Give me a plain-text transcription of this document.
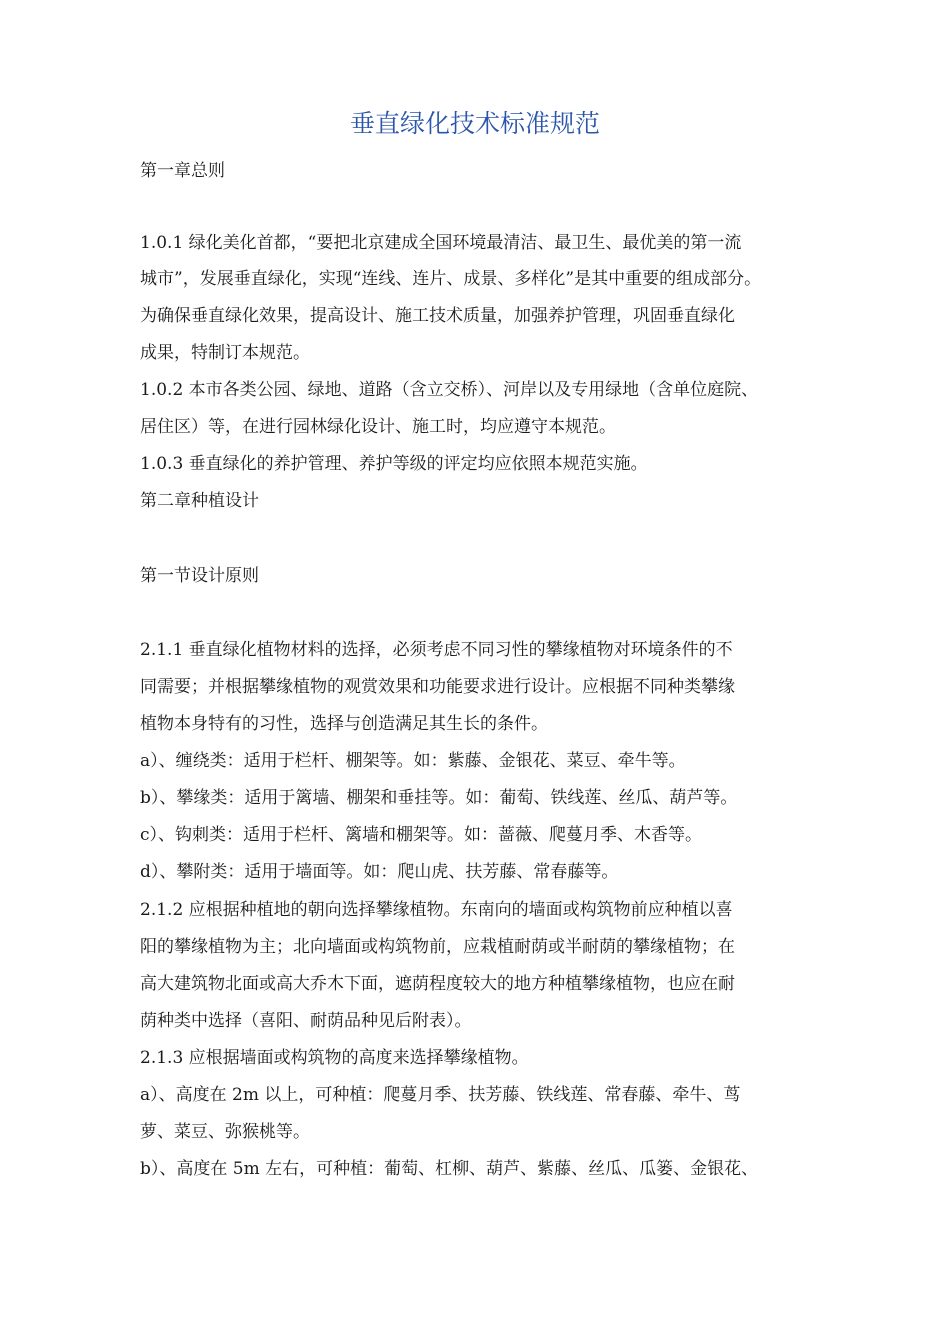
垂直绿化技术标准规范

第一章总则

1.0.1 绿化美化首都，“要把北京建成全国环境最清洁、最卫生、最优美的第一流

城市”，发展垂直绿化，实现“连线、连片、成景、多样化”是其中重要的组成部分。

为确保垂直绿化效果，提高设计、施工技术质量，加强养护管理，巩固垂直绿化

成果，特制订本规范。

1.0.2 本市各类公园、绿地、道路（含立交桥）、河岸以及专用绿地（含单位庭院、

居住区）等，在进行园林绿化设计、施工时，均应遵守本规范。

1.0.3 垂直绿化的养护管理、养护等级的评定均应依照本规范实施。

第二章种植设计

第一节设计原则

2.1.1 垂直绿化植物材料的选择，必须考虑不同习性的攀缘植物对环境条件的不

同需要；并根据攀缘植物的观赏效果和功能要求进行设计。应根据不同种类攀缘

植物本身特有的习性，选择与创造满足其生长的条件。

a）、缠绕类：适用于栏杆、棚架等。如：紫藤、金银花、菜豆、牵牛等。

b）、攀缘类：适用于篱墙、棚架和垂挂等。如：葡萄、铁线莲、丝瓜、葫芦等。

c）、钩刺类：适用于栏杆、篱墙和棚架等。如：蔷薇、爬蔓月季、木香等。

d）、攀附类：适用于墙面等。如：爬山虎、扶芳藤、常春藤等。

2.1.2 应根据种植地的朝向选择攀缘植物。东南向的墙面或构筑物前应种植以喜

阳的攀缘植物为主；北向墙面或构筑物前，应栽植耐荫或半耐荫的攀缘植物；在

高大建筑物北面或高大乔木下面，遮荫程度较大的地方种植攀缘植物，也应在耐

荫种类中选择（喜阳、耐荫品种见后附表）。

2.1.3 应根据墙面或构筑物的高度来选择攀缘植物。

a）、高度在 2m 以上，可种植：爬蔓月季、扶芳藤、铁线莲、常春藤、牵牛、茑

萝、菜豆、弥猴桃等。

b）、高度在 5m 左右，可种植：葡萄、杠柳、葫芦、紫藤、丝瓜、瓜篓、金银花、
